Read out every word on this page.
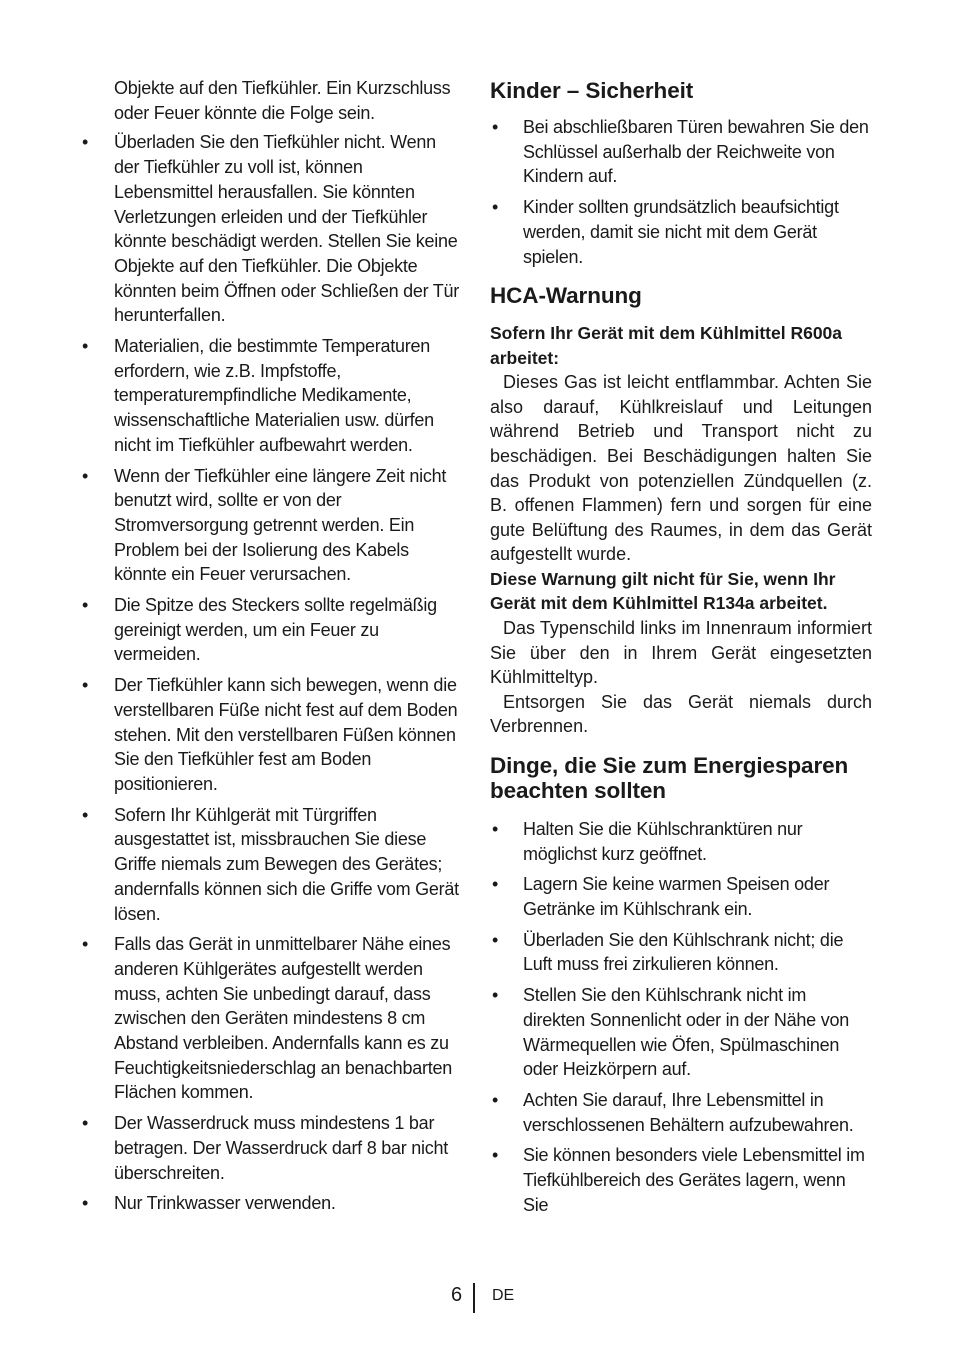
Objekte auf den Tiefkühler. Ein Kurzschluss oder Feuer könnte die Folge sein.

• Überladen Sie den Tiefkühler nicht. Wenn der Tiefkühler zu voll ist, können Lebensmittel herausfallen. Sie könnten Verletzungen erleiden und der Tiefkühler könnte beschädigt werden. Stellen Sie keine Objekte auf den Tiefkühler. Die Objekte könnten beim Öffnen oder Schließen der Tür herunterfallen.
• Materialien, die bestimmte Temperaturen erfordern, wie z.B. Impfstoffe, temperaturempfindliche Medikamente, wissenschaftliche Materialien usw. dürfen nicht im Tiefkühler aufbewahrt werden.
• Wenn der Tiefkühler eine längere Zeit nicht benutzt wird, sollte er von der Stromversorgung getrennt werden. Ein Problem bei der Isolierung des Kabels könnte ein Feuer verursachen.
• Die Spitze des Steckers sollte regelmäßig gereinigt werden, um ein Feuer zu vermeiden.
• Der Tiefkühler kann sich bewegen, wenn die verstellbaren Füße nicht fest auf dem Boden stehen. Mit den verstellbaren Füßen können Sie den Tiefkühler fest am Boden positionieren.
• Sofern Ihr Kühlgerät mit Türgriffen ausgestattet ist, missbrauchen Sie diese Griffe niemals zum Bewegen des Gerätes; andernfalls können sich die Griffe vom Gerät lösen.
• Falls das Gerät in unmittelbarer Nähe eines anderen Kühlgerätes aufgestellt werden muss, achten Sie unbedingt darauf, dass zwischen den Geräten mindestens 8 cm Abstand verbleiben. Andernfalls kann es zu Feuchtigkeitsniederschlag an benachbarten Flächen kommen.
• Der Wasserdruck muss mindestens 1 bar betragen. Der Wasserdruck darf 8 bar nicht überschreiten.
• Nur Trinkwasser verwenden.
Kinder – Sicherheit
• Bei abschließbaren Türen bewahren Sie den Schlüssel außerhalb der Reichweite von Kindern auf.
• Kinder sollten grundsätzlich beaufsichtigt werden, damit sie nicht mit dem Gerät spielen.
HCA-Warnung

Sofern Ihr Gerät mit dem Kühlmittel R600a arbeitet:

Dieses Gas ist leicht entflammbar. Achten Sie also darauf, Kühlkreislauf und Leitungen während Betrieb und Transport nicht zu beschädigen. Bei Beschädigungen halten Sie das Produkt von potenziellen Zündquellen (z. B. offenen Flammen) fern und sorgen für eine gute Belüftung des Raumes, in dem das Gerät aufgestellt wurde.

Diese Warnung gilt nicht für Sie, wenn Ihr Gerät mit dem Kühlmittel R134a arbeitet.

Das Typenschild links im Innenraum informiert Sie über den in Ihrem Gerät eingesetzten Kühlmitteltyp.

Entsorgen Sie das Gerät niemals durch Verbrennen.

Dinge, die Sie zum Energiesparen beachten sollten
• Halten Sie die Kühlschranktüren nur möglichst kurz geöffnet.
• Lagern Sie keine warmen Speisen oder Getränke im Kühlschrank ein.
• Überladen Sie den Kühlschrank nicht; die Luft muss frei zirkulieren können.
• Stellen Sie den Kühlschrank nicht im direkten Sonnenlicht oder in der Nähe von Wärmequellen wie Öfen, Spülmaschinen oder Heizkörpern auf.
• Achten Sie darauf, Ihre Lebensmittel in verschlossenen Behältern aufzubewahren.
• Sie können besonders viele Lebensmittel im Tiefkühlbereich des Gerätes lagern, wenn Sie
6 DE
